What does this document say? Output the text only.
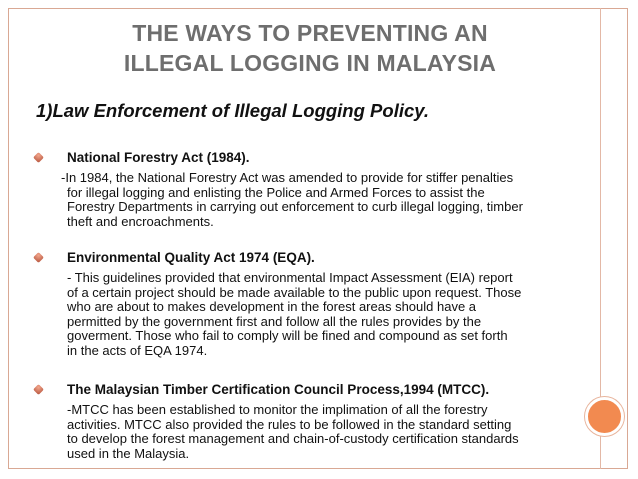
THE WAYS TO PREVENTING AN
ILLEGAL LOGGING IN MALAYSIA
1)Law Enforcement of Illegal Logging Policy.
National Forestry Act (1984).
-In 1984, the National Forestry Act was amended to provide for stiffer penalties
for illegal logging and enlisting the Police and Armed Forces to assist the
Forestry Departments in carrying out enforcement to curb illegal logging, timber
theft and encroachments.
Environmental Quality Act 1974 (EQA).
- This guidelines provided that environmental Impact Assessment (EIA) report
of a certain project should be made available to the public upon request. Those
who are about to makes development in the forest areas should have a
permitted by the government first and follow all the rules provides by the
goverment. Those who fail to comply will be fined and compound as set forth
in the acts of EQA 1974.
The Malaysian Timber Certification Council Process,1994 (MTCC).
-MTCC has been established to monitor the implimation of all the forestry
activities. MTCC also provided the rules to be followed in the standard setting
to develop the forest management and chain-of-custody certification standards
used in the Malaysia.
